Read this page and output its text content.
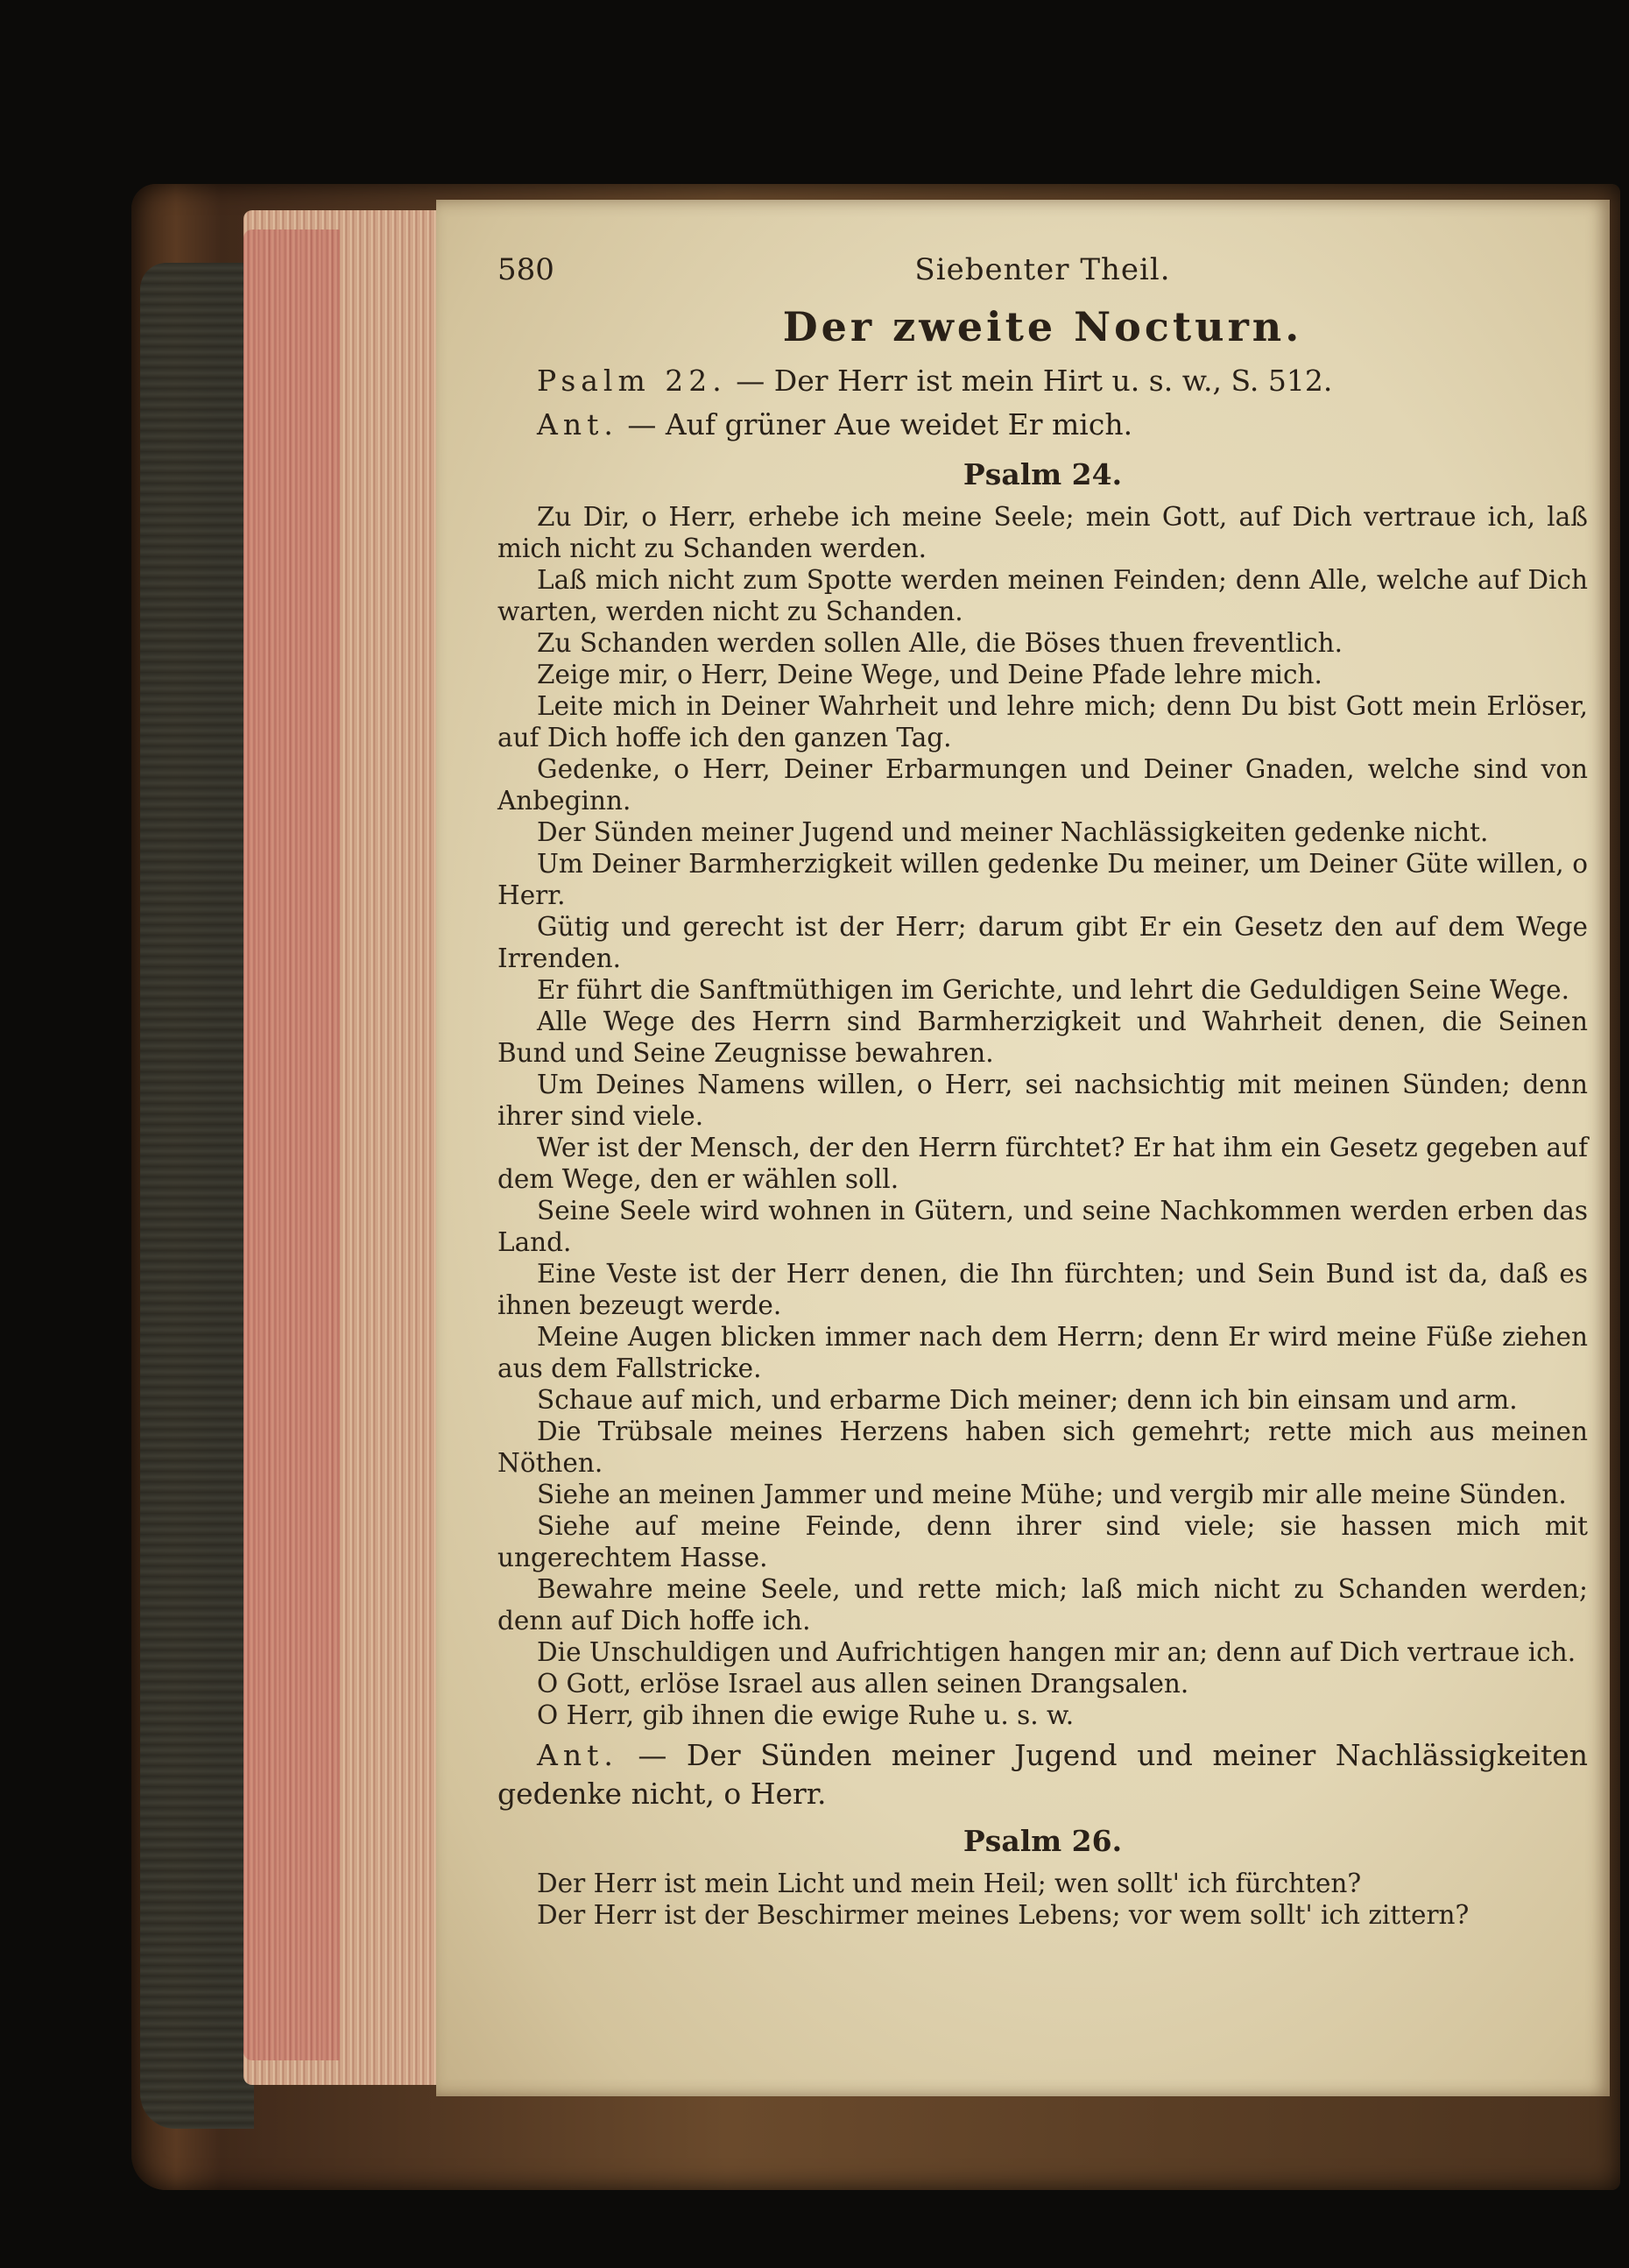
580	Siebenter Theil.
Der zweite Nocturn.
Psalm 22. — Der Herr ist mein Hirt u. s. w., S. 512.
Ant. — Auf grüner Aue weidet Er mich.
Psalm 24.

Zu Dir, o Herr, erhebe ich meine Seele; mein Gott, auf Dich vertraue ich, laß mich nicht zu Schanden werden.

Laß mich nicht zum Spotte werden meinen Feinden; denn Alle, welche auf Dich warten, werden nicht zu Schanden.

Zu Schanden werden sollen Alle, die Böses thuen freventlich.

Zeige mir, o Herr, Deine Wege, und Deine Pfade lehre mich.

Leite mich in Deiner Wahrheit und lehre mich; denn Du bist Gott mein Erlöser, auf Dich hoffe ich den ganzen Tag.

Gedenke, o Herr, Deiner Erbarmungen und Deiner Gnaden, welche sind von Anbeginn.

Der Sünden meiner Jugend und meiner Nachlässigkeiten gedenke nicht.

Um Deiner Barmherzigkeit willen gedenke Du meiner, um Deiner Güte willen, o Herr.

Gütig und gerecht ist der Herr; darum gibt Er ein Gesetz den auf dem Wege Irrenden.

Er führt die Sanftmüthigen im Gerichte, und lehrt die Geduldigen Seine Wege.

Alle Wege des Herrn sind Barmherzigkeit und Wahrheit denen, die Seinen Bund und Seine Zeugnisse bewahren.

Um Deines Namens willen, o Herr, sei nachsichtig mit meinen Sünden; denn ihrer sind viele.

Wer ist der Mensch, der den Herrn fürchtet? Er hat ihm ein Gesetz gegeben auf dem Wege, den er wählen soll.

Seine Seele wird wohnen in Gütern, und seine Nachkommen werden erben das Land.

Eine Veste ist der Herr denen, die Ihn fürchten; und Sein Bund ist da, daß es ihnen bezeugt werde.

Meine Augen blicken immer nach dem Herrn; denn Er wird meine Füße ziehen aus dem Fallstricke.

Schaue auf mich, und erbarme Dich meiner; denn ich bin einsam und arm.

Die Trübsale meines Herzens haben sich gemehrt; rette mich aus meinen Nöthen.

Siehe an meinen Jammer und meine Mühe; und vergib mir alle meine Sünden.

Siehe auf meine Feinde, denn ihrer sind viele; sie hassen mich mit ungerechtem Hasse.

Bewahre meine Seele, und rette mich; laß mich nicht zu Schanden werden; denn auf Dich hoffe ich.

Die Unschuldigen und Aufrichtigen hangen mir an; denn auf Dich vertraue ich.

O Gott, erlöse Israel aus allen seinen Drangsalen.

O Herr, gib ihnen die ewige Ruhe u. s. w.

Ant. — Der Sünden meiner Jugend und meiner Nachlässigkeiten gedenke nicht, o Herr.

Psalm 26.

Der Herr ist mein Licht und mein Heil; wen sollt' ich fürchten?

Der Herr ist der Beschirmer meines Lebens; vor wem sollt' ich zittern?
